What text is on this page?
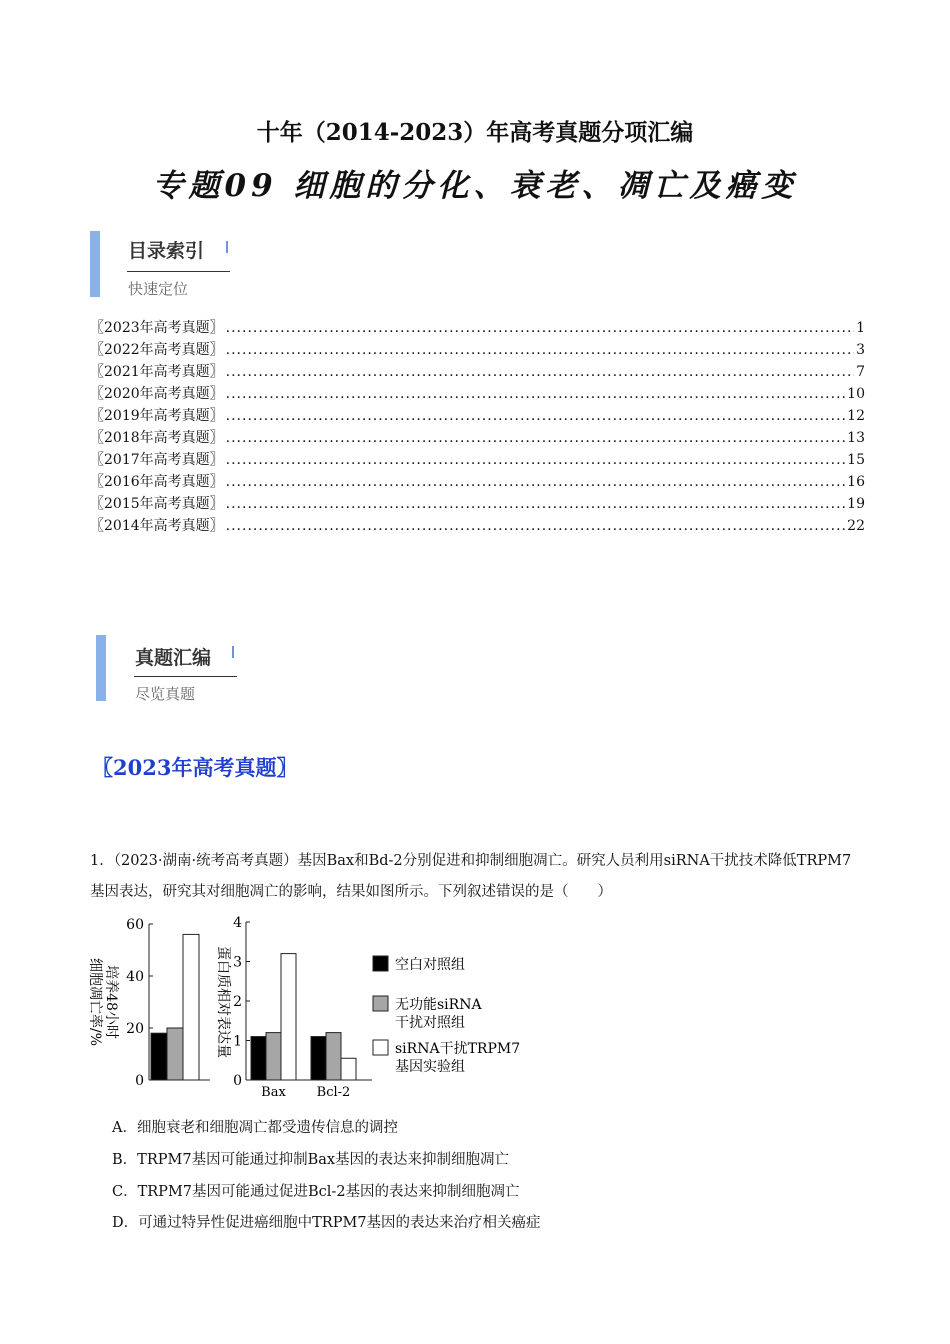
十年（2014-2023）年高考真题分项汇编
专题09 细胞的分化、衰老、凋亡及癌变
目录索引
快速定位
〖2023年高考真题〗 .....	1
〖2022年高考真题〗 .....	3
〖2021年高考真题〗 .....	7
〖2020年高考真题〗 .....	10
〖2019年高考真题〗 .....	12
〖2018年高考真题〗 .....	13
〖2017年高考真题〗 .....	15
〖2016年高考真题〗 .....	16
〖2015年高考真题〗 .....	19
〖2014年高考真题〗 .....	22
真题汇编
尽览真题
〖2023年高考真题〗
1．（2023·湖南·统考高考真题）基因Bax和Bd-2分别促进和抑制细胞凋亡。研究人员利用siRNA干扰技术降低TRPM7基因表达，研究其对细胞凋亡的影响，结果如图所示。下列叙述错误的是（　　）
0
20
40
60
培养48小时
细胞凋亡率/%
0
1
2
3
4
Bax Bcl-2
蛋白质相对表达量	空白对照组
无功能siRNA
干扰对照组
siRNA干扰TRPM7
基因实验组
A．细胞衰老和细胞凋亡都受遗传信息的调控
B．TRPM7基因可能通过抑制Bax基因的表达来抑制细胞凋亡
C．TRPM7基因可能通过促进Bcl-2基因的表达来抑制细胞凋亡
D．可通过特异性促进癌细胞中TRPM7基因的表达来治疗相关癌症
